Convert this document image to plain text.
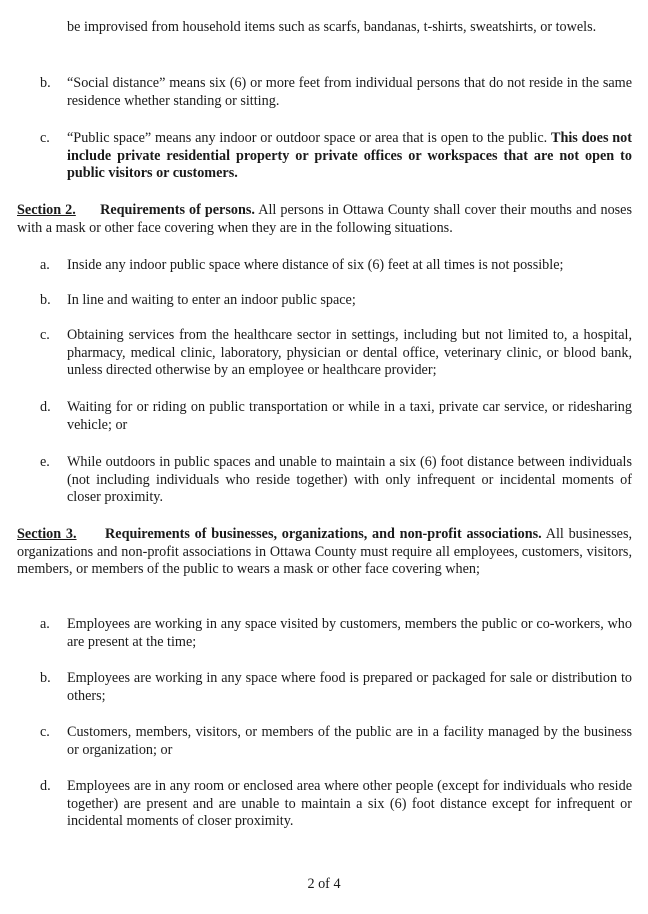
be improvised from household items such as scarfs, bandanas, t-shirts, sweatshirts, or towels.
b.	“Social distance” means six (6) or more feet from individual persons that do not reside in the same residence whether standing or sitting.
c.	“Public space” means any indoor or outdoor space or area that is open to the public. This does not include private residential property or private offices or workspaces that are not open to public visitors or customers.
Section 2. Requirements of persons. All persons in Ottawa County shall cover their mouths and noses with a mask or other face covering when they are in the following situations.
a.	Inside any indoor public space where distance of six (6) feet at all times is not possible;
b.	In line and waiting to enter an indoor public space;
c.	Obtaining services from the healthcare sector in settings, including but not limited to, a hospital, pharmacy, medical clinic, laboratory, physician or dental office, veterinary clinic, or blood bank, unless directed otherwise by an employee or healthcare provider;
d.	Waiting for or riding on public transportation or while in a taxi, private car service, or ridesharing vehicle; or
e.	While outdoors in public spaces and unable to maintain a six (6) foot distance between individuals (not including individuals who reside together) with only infrequent or incidental moments of closer proximity.
Section 3. Requirements of businesses, organizations, and non-profit associations. All businesses, organizations and non-profit associations in Ottawa County must require all employees, customers, visitors, members, or members of the public to wears a mask or other face covering when;
a.	Employees are working in any space visited by customers, members the public or co-workers, who are present at the time;
b.	Employees are working in any space where food is prepared or packaged for sale or distribution to others;
c.	Customers, members, visitors, or members of the public are in a facility managed by the business or organization; or
d.	Employees are in any room or enclosed area where other people (except for individuals who reside together) are present and are unable to maintain a six (6) foot distance except for infrequent or incidental moments of closer proximity.
2 of 4
